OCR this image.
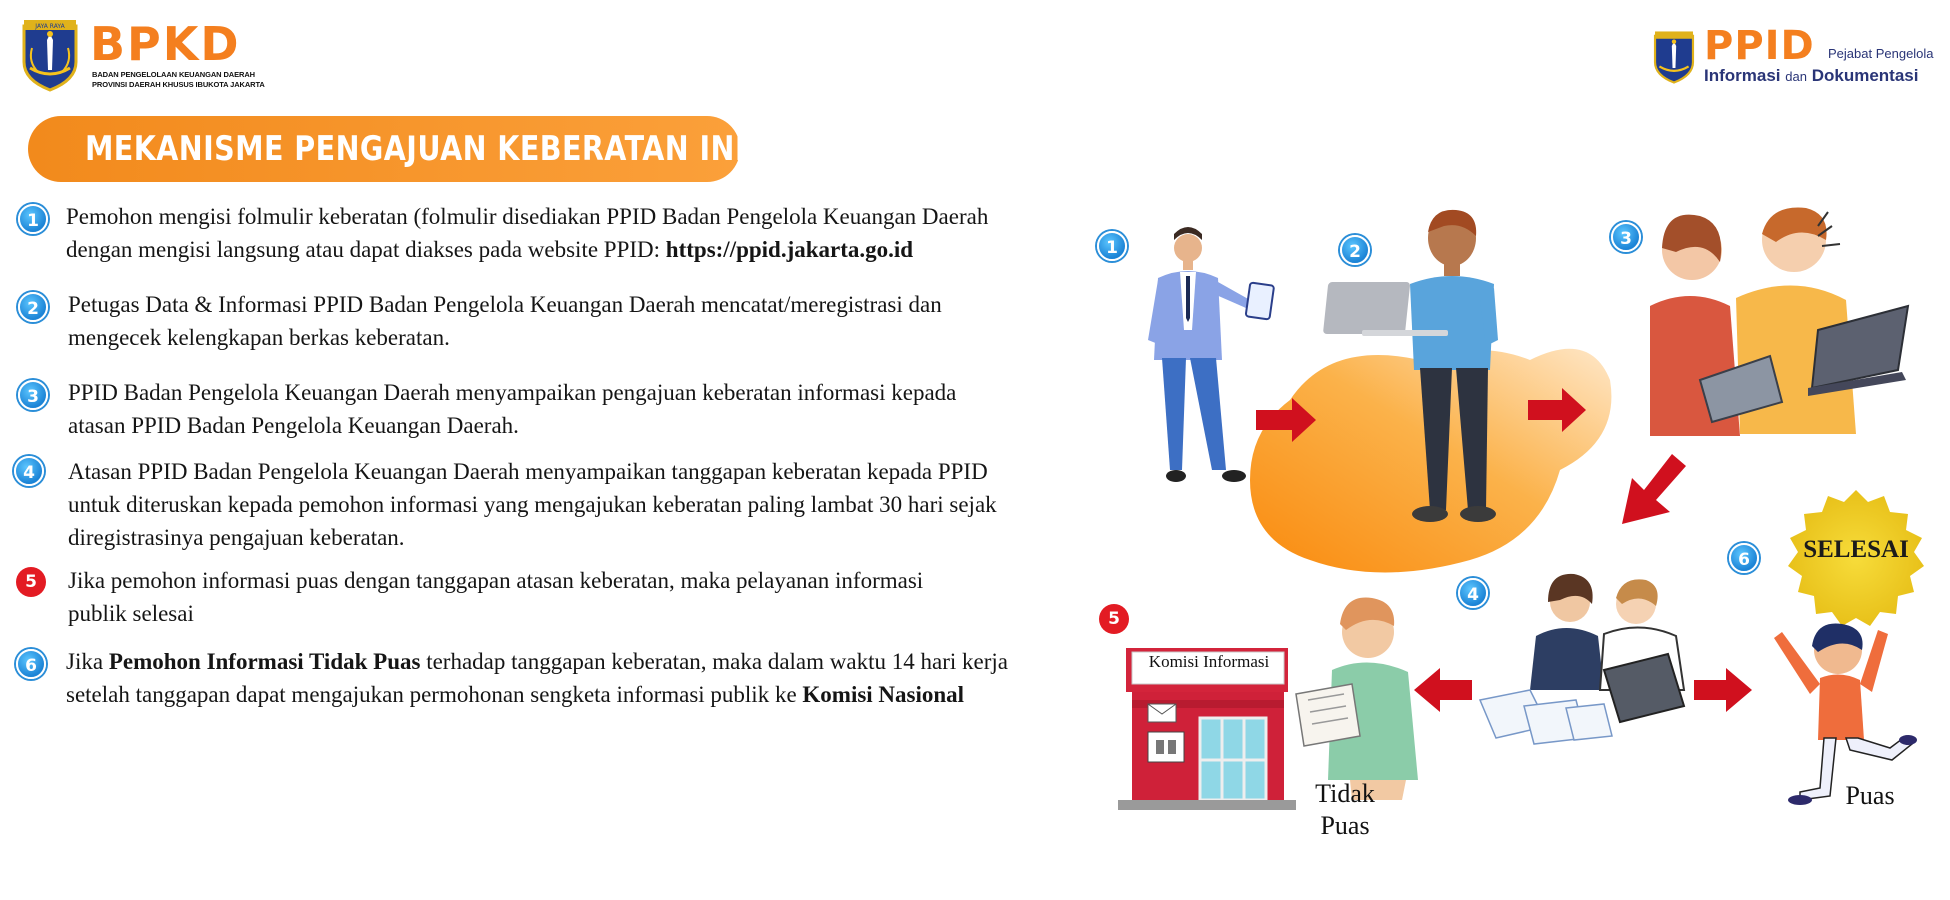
JAYA RAYA BPKD
BADAN PENGELOLAAN KEUANGAN DAERAH
PROVINSI DAERAH KHUSUS IBUKOTA JAKARTA
PPID Pejabat Pengelola
Informasi dan Dokumentasi
MEKANISME PENGAJUAN KEBERATAN INFORMASI
1	Pemohon mengisi folmulir keberatan (folmulir disediakan PPID Badan Pengelola Keuangan Daerah
dengan mengisi langsung atau dapat diakses pada website PPID: https://ppid.jakarta.go.id
2	Petugas Data & Informasi PPID Badan Pengelola Keuangan Daerah mencatat/meregistrasi dan
mengecek kelengkapan berkas keberatan.
3	PPID Badan Pengelola Keuangan Daerah menyampaikan pengajuan keberatan informasi kepada
atasan PPID Badan Pengelola Keuangan Daerah.
4	Atasan PPID Badan Pengelola Keuangan Daerah menyampaikan tanggapan keberatan kepada PPID
untuk diteruskan kepada pemohon informasi yang mengajukan keberatan paling lambat 30 hari sejak
diregistrasinya pengajuan keberatan.
5	Jika pemohon informasi puas dengan tanggapan atasan keberatan, maka pelayanan informasi
publik selesai
6	Jika Pemohon Informasi Tidak Puas terhadap tanggapan keberatan, maka dalam waktu 14 hari kerja
setelah tanggapan dapat mengajukan permohonan sengketa informasi publik ke Komisi Nasional
1	2
3
4
5
6
Komisi Informasi
SELESAI
Tidak
Puas
Puas
